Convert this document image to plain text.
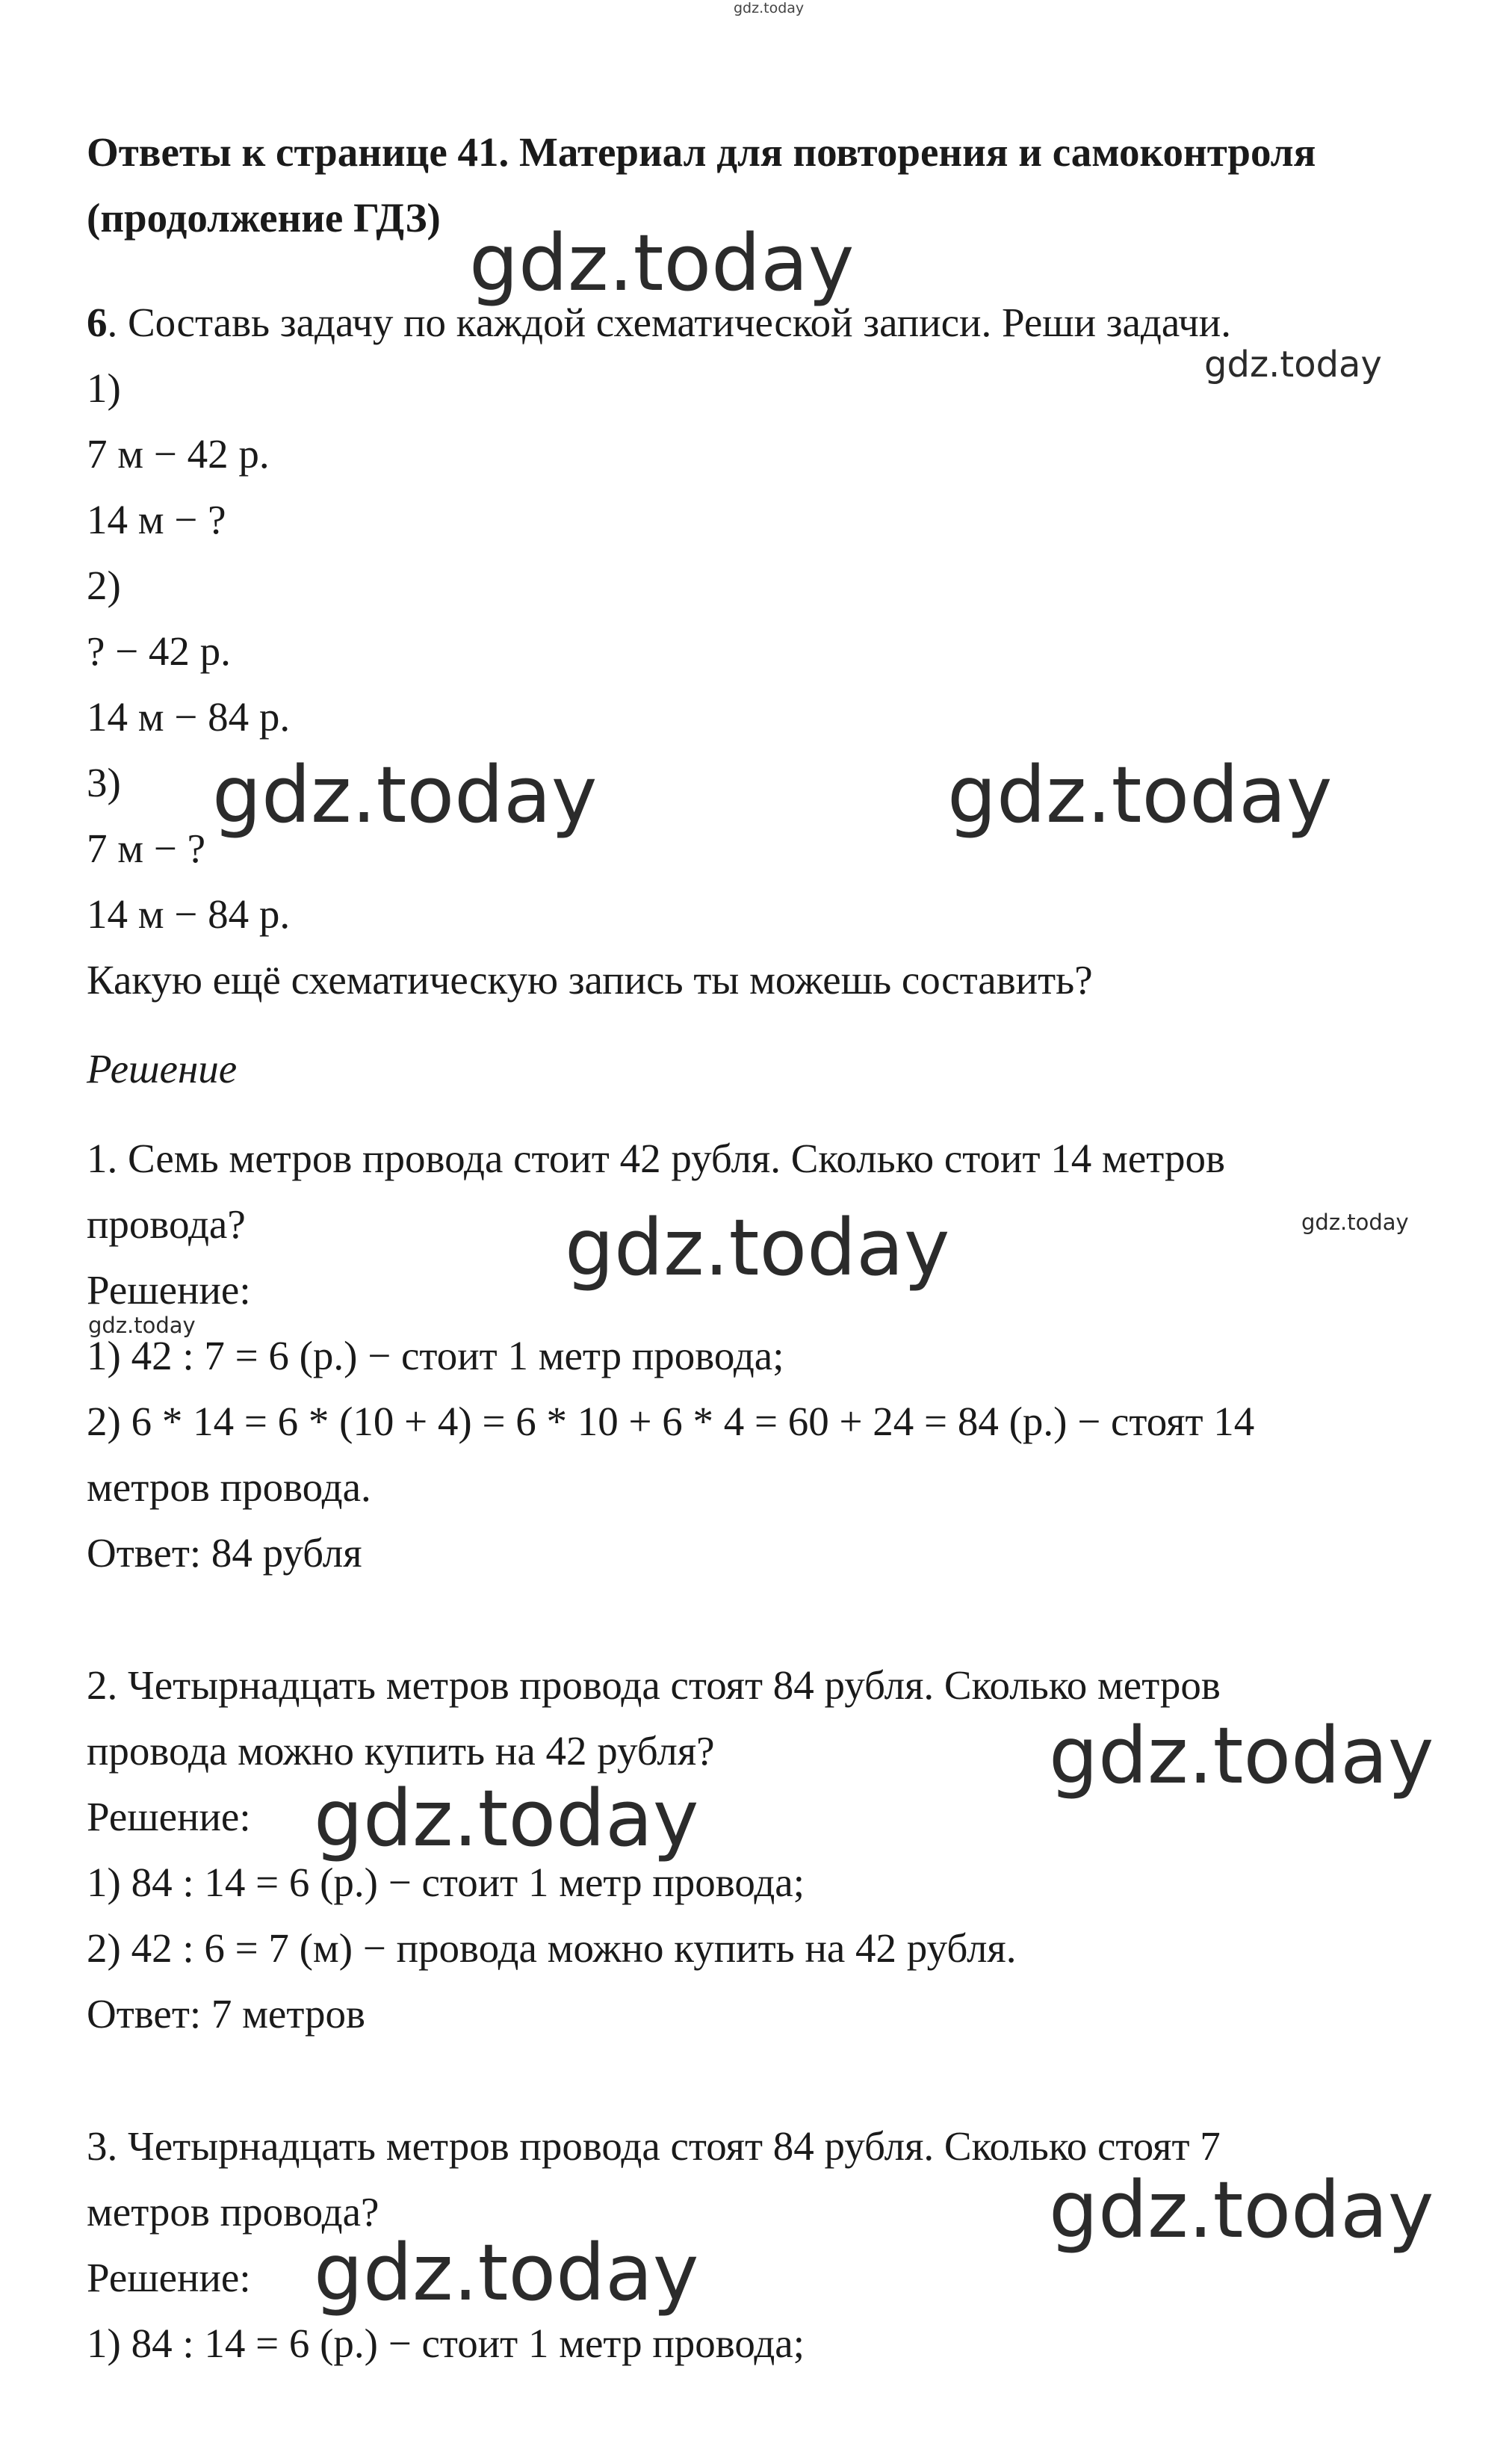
gdz.today
Ответы к странице 41. Материал для повторения и самоконтроля
(продолжение ГДЗ)
6. Составь задачу по каждой схематической записи. Реши задачи.
1)
7 м − 42 р.
14 м − ?
2)
? − 42 р.
14 м − 84 р.
3)
7 м − ?
14 м − 84 р.
Какую ещё схематическую запись ты можешь составить?
Решение
1. Семь метров провода стоит 42 рубля. Сколько стоит 14 метров
провода?
Решение:
1) 42 : 7 = 6 (р.) − стоит 1 метр провода;
2) 6 * 14 = 6 * (10 + 4) = 6 * 10 + 6 * 4 = 60 + 24 = 84 (р.) − стоят 14
метров провода.
Ответ: 84 рубля
2. Четырнадцать метров провода стоят 84 рубля. Сколько метров
провода можно купить на 42 рубля?
Решение:
1) 84 : 14 = 6 (р.) − стоит 1 метр провода;
2) 42 : 6 = 7 (м) − провода можно купить на 42 рубля.
Ответ: 7 метров
3. Четырнадцать метров провода стоят 84 рубля. Сколько стоят 7
метров провода?
Решение:
1) 84 : 14 = 6 (р.) − стоит 1 метр провода;
gdz.today
gdz.today
gdz.today	gdz.today
gdz.today	gdz.today
gdz.today
gdz.today
gdz.today
gdz.today
gdz.today
